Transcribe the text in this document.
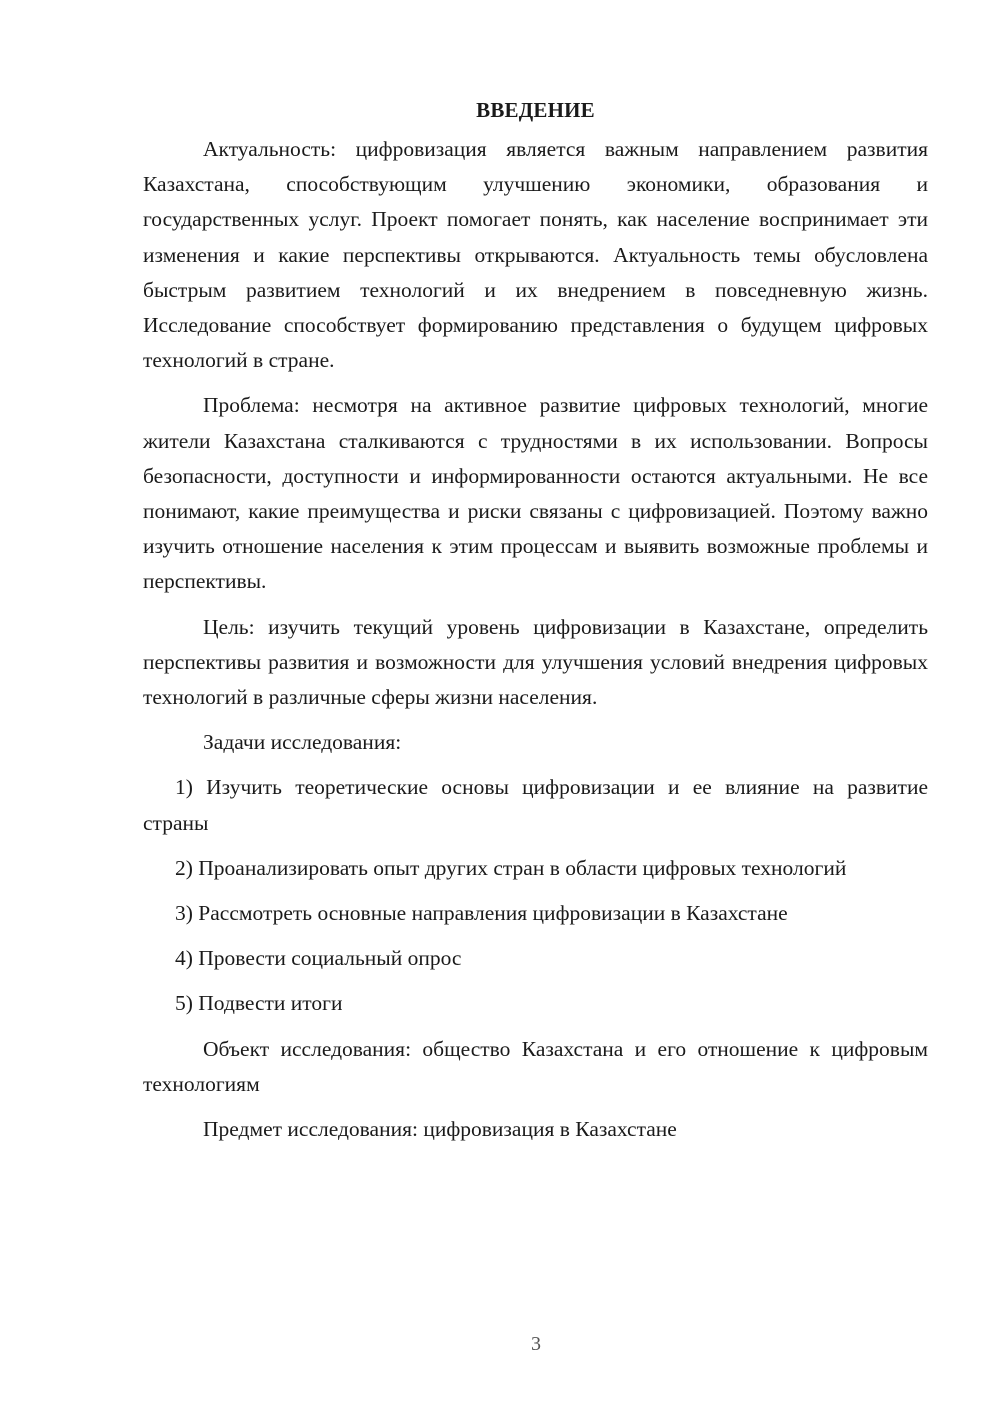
ВВЕДЕНИЕ

Актуальность: цифровизация является важным направлением развития Казахстана, способствующим улучшению экономики, образования и государственных услуг. Проект помогает понять, как население воспринимает эти изменения и какие перспективы открываются. Актуальность темы обусловлена быстрым развитием технологий и их внедрением в повседневную жизнь. Исследование способствует формированию представления о будущем цифровых технологий в стране.

Проблема: несмотря на активное развитие цифровых технологий, многие жители Казахстана сталкиваются с трудностями в их использовании. Вопросы безопасности, доступности и информированности остаются актуальными. Не все понимают, какие преимущества и риски связаны с цифровизацией. Поэтому важно изучить отношение населения к этим процессам и выявить возможные проблемы и перспективы.

Цель: изучить текущий уровень цифровизации в Казахстане, определить перспективы развития и возможности для улучшения условий внедрения цифровых технологий в различные сферы жизни населения.

Задачи исследования:

1) Изучить теоретические основы цифровизации и ее влияние на развитие страны

2) Проанализировать опыт других стран в области цифровых технологий

3) Рассмотреть основные направления цифровизации в Казахстане

4) Провести социальный опрос

5) Подвести итоги

Объект исследования: общество Казахстана и его отношение к цифровым технологиям

Предмет исследования: цифровизация в Казахстане

3
